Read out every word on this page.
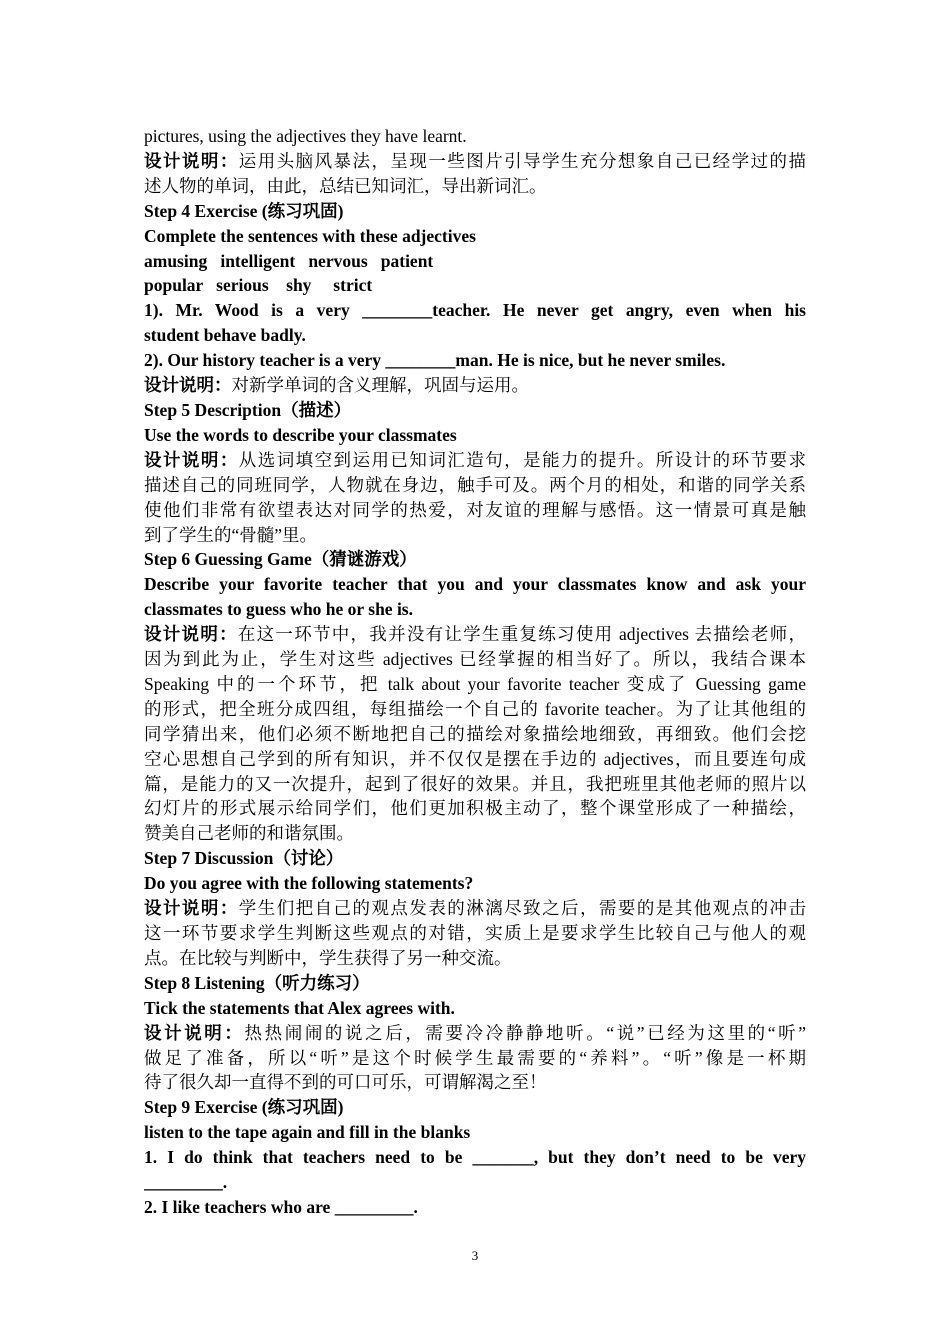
pictures, using the adjectives they have learnt.
设计说明：运用头脑风暴法，呈现一些图片引导学生充分想象自己已经学过的描
述人物的单词，由此，总结已知词汇，导出新词汇。
Step 4 Exercise (练习巩固)
Complete the sentences with these adjectives
amusing   intelligent   nervous   patient
popular   serious    shy     strict
1). Mr. Wood is a very ________teacher. He never get angry, even when his
student behave badly.
2). Our history teacher is a very ________man. He is nice, but he never smiles.
设计说明：对新学单词的含义理解，巩固与运用。
Step 5 Description（描述）
Use the words to describe your classmates
设计说明：从选词填空到运用已知词汇造句，是能力的提升。所设计的环节要求
描述自己的同班同学，人物就在身边，触手可及。两个月的相处，和谐的同学关系
使他们非常有欲望表达对同学的热爱，对友谊的理解与感悟。这一情景可真是触
到了学生的“骨髓”里。
Step 6 Guessing Game（猜谜游戏）
Describe your favorite teacher that you and your classmates know and ask your
classmates to guess who he or she is.
设计说明：在这一环节中，我并没有让学生重复练习使用 adjectives 去描绘老师，
因为到此为止，学生对这些 adjectives 已经掌握的相当好了。所以，我结合课本
Speaking 中的一个环节，把 talk about your favorite teacher 变成了 Guessing game
的形式，把全班分成四组，每组描绘一个自己的 favorite teacher。为了让其他组的
同学猜出来，他们必须不断地把自己的描绘对象描绘地细致，再细致。他们会挖
空心思想自己学到的所有知识，并不仅仅是摆在手边的 adjectives，而且要连句成
篇，是能力的又一次提升，起到了很好的效果。并且，我把班里其他老师的照片以
幻灯片的形式展示给同学们，他们更加积极主动了，整个课堂形成了一种描绘，
赞美自己老师的和谐氛围。
Step 7 Discussion（讨论）
Do you agree with the following statements?
设计说明：学生们把自己的观点发表的淋漓尽致之后，需要的是其他观点的冲击
这一环节要求学生判断这些观点的对错，实质上是要求学生比较自己与他人的观
点。在比较与判断中，学生获得了另一种交流。
Step 8 Listening（听力练习）
Tick the statements that Alex agrees with.
设计说明：热热闹闹的说之后，需要冷冷静静地听。“说”已经为这里的“听”
做足了准备，所以“听”是这个时候学生最需要的“养料”。“听”像是一杯期
待了很久却一直得不到的可口可乐，可谓解渴之至！
Step 9 Exercise (练习巩固)
listen to the tape again and fill in the blanks
1. I do think that teachers need to be _______, but they don’t need to be very
_________.
2. I like teachers who are _________.
3
